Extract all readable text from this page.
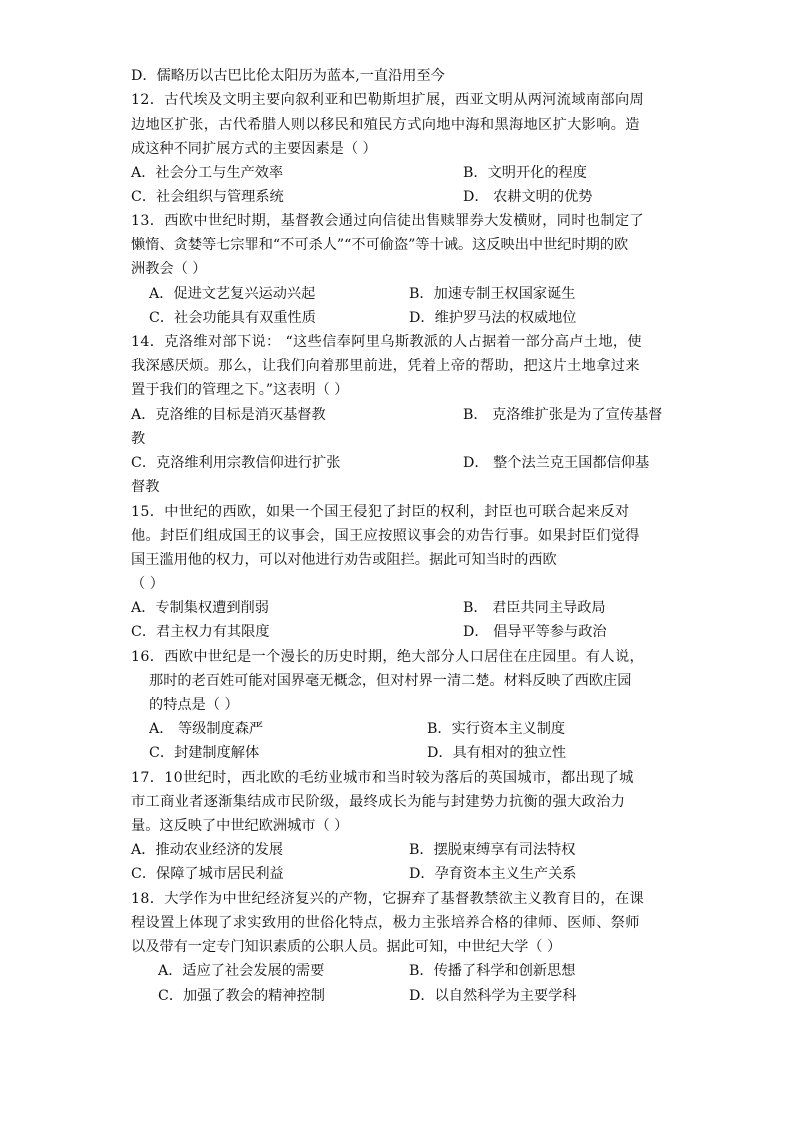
D．儒略历以古巴比伦太阳历为蓝本,一直沿用至今
12．古代埃及文明主要向叙利亚和巴勒斯坦扩展，西亚文明从两河流域南部向周
边地区扩张，古代希腊人则以移民和殖民方式向地中海和黑海地区扩大影响。造
成这种不同扩展方式的主要因素是（ ）
A．社会分工与生产效率	B．文明开化的程度
C．社会组织与管理系统	D． 农耕文明的优势
13．西欧中世纪时期，基督教会通过向信徒出售赎罪券大发横财，同时也制定了
懒惰、贪婪等七宗罪和“不可杀人”“不可偷盗”等十诫。这反映出中世纪时期的欧
洲教会（ ）
A．促进文艺复兴运动兴起	B．加速专制王权国家诞生
C．社会功能具有双重性质	D．维护罗马法的权威地位
14．克洛维对部下说： “这些信奉阿里乌斯教派的人占据着一部分高卢土地，使
我深感厌烦。那么，让我们向着那里前进，凭着上帝的帮助，把这片土地拿过来
置于我们的管理之下。”这表明（ ）
A．克洛维的目标是消灭基督教	B． 克洛维扩张是为了宣传基督
教
C．克洛维利用宗教信仰进行扩张	D． 整个法兰克王国都信仰基
督教
15．中世纪的西欧，如果一个国王侵犯了封臣的权利，封臣也可联合起来反对
他。封臣们组成国王的议事会，国王应按照议事会的劝告行事。如果封臣们觉得
国王滥用他的权力，可以对他进行劝告或阻拦。据此可知当时的西欧
（ ）
A．专制集权遭到削弱	B． 君臣共同主导政局
C．君主权力有其限度	D． 倡导平等参与政治
16．西欧中世纪是一个漫长的历史时期，绝大部分人口居住在庄园里。有人说，
那时的老百姓可能对国界毫无概念，但对村界一清二楚。材料反映了西欧庄园
的特点是（ ）
A． 等级制度森严	B．实行资本主义制度
C．封建制度解体	D．具有相对的独立性
17．10世纪时，西北欧的毛纺业城市和当时较为落后的英国城市，都出现了城
市工商业者逐渐集结成市民阶级，最终成长为能与封建势力抗衡的强大政治力
量。这反映了中世纪欧洲城市（ ）
A．推动农业经济的发展	B．摆脱束缚享有司法特权
C．保障了城市居民利益	D．孕育资本主义生产关系
18．大学作为中世纪经济复兴的产物，它摒弃了基督教禁欲主义教育目的，在课
程设置上体现了求实致用的世俗化特点，极力主张培养合格的律师、医师、祭师
以及带有一定专门知识素质的公职人员。据此可知，中世纪大学（ ）
A．适应了社会发展的需要	B．传播了科学和创新思想
C．加强了教会的精神控制	D．以自然科学为主要学科
